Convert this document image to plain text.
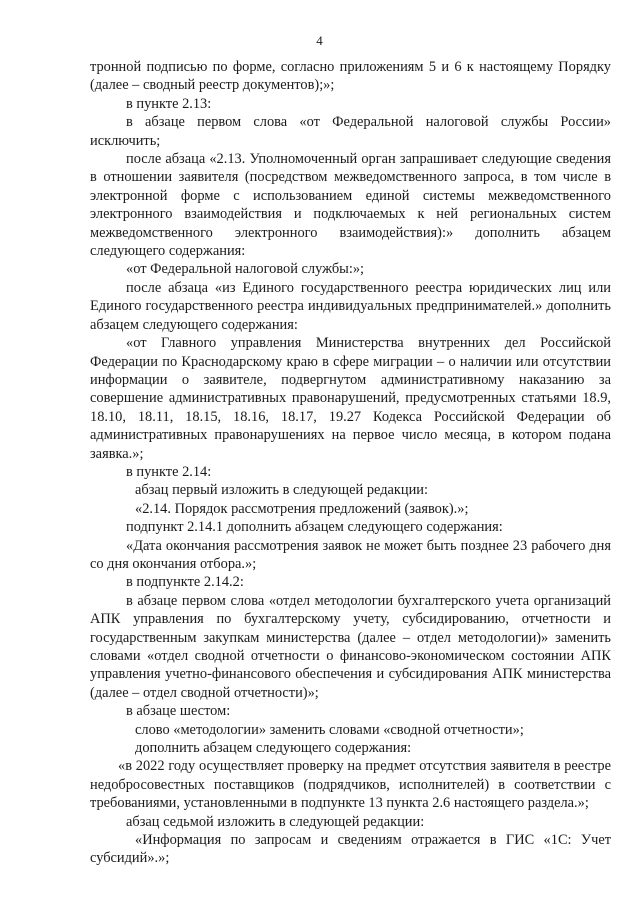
4

тронной подписью по форме, согласно приложениям 5 и 6 к настоящему Порядку (далее – сводный реестр документов);»;

в пункте 2.13:

в абзаце первом слова «от Федеральной налоговой службы России» исключить;

после абзаца «2.13. Уполномоченный орган запрашивает следующие сведения в отношении заявителя (посредством межведомственного запроса, в том числе в электронной форме с использованием единой системы межведомственного электронного взаимодействия и подключаемых к ней региональных систем межведомственного электронного взаимодействия):» дополнить абзацем следующего содержания:

«от Федеральной налоговой службы:»;

после абзаца «из Единого государственного реестра юридических лиц или Единого государственного реестра индивидуальных предпринимателей.» дополнить абзацем следующего содержания:

«от Главного управления Министерства внутренних дел Российской Федерации по Краснодарскому краю в сфере миграции – о наличии или отсутствии информации о заявителе, подвергнутом административному наказанию за совершение административных правонарушений, предусмотренных статьями 18.9, 18.10, 18.11, 18.15, 18.16, 18.17, 19.27 Кодекса Российской Федерации об административных правонарушениях на первое число месяца, в котором подана заявка.»;

в пункте 2.14:

абзац первый изложить в следующей редакции:

«2.14. Порядок рассмотрения предложений (заявок).»;

подпункт 2.14.1 дополнить абзацем следующего содержания:

«Дата окончания рассмотрения заявок не может быть позднее 23 рабочего дня со дня окончания отбора.»;

в подпункте 2.14.2:

в абзаце первом слова «отдел методологии бухгалтерского учета организаций АПК управления по бухгалтерскому учету, субсидированию, отчетности и государственным закупкам министерства (далее – отдел методологии)» заменить словами «отдел сводной отчетности о финансово-экономическом состоянии АПК управления учетно-финансового обеспечения и субсидирования АПК министерства (далее – отдел сводной отчетности)»;

в абзаце шестом:

слово «методологии» заменить словами «сводной отчетности»;

дополнить абзацем следующего содержания:

«в 2022 году осуществляет проверку на предмет отсутствия заявителя в реестре недобросовестных поставщиков (подрядчиков, исполнителей) в соответствии с требованиями, установленными в подпункте 13 пункта 2.6 настоящего раздела.»;

абзац седьмой изложить в следующей редакции:

«Информация по запросам и сведениям отражается в ГИС «1С: Учет субсидий».»;
